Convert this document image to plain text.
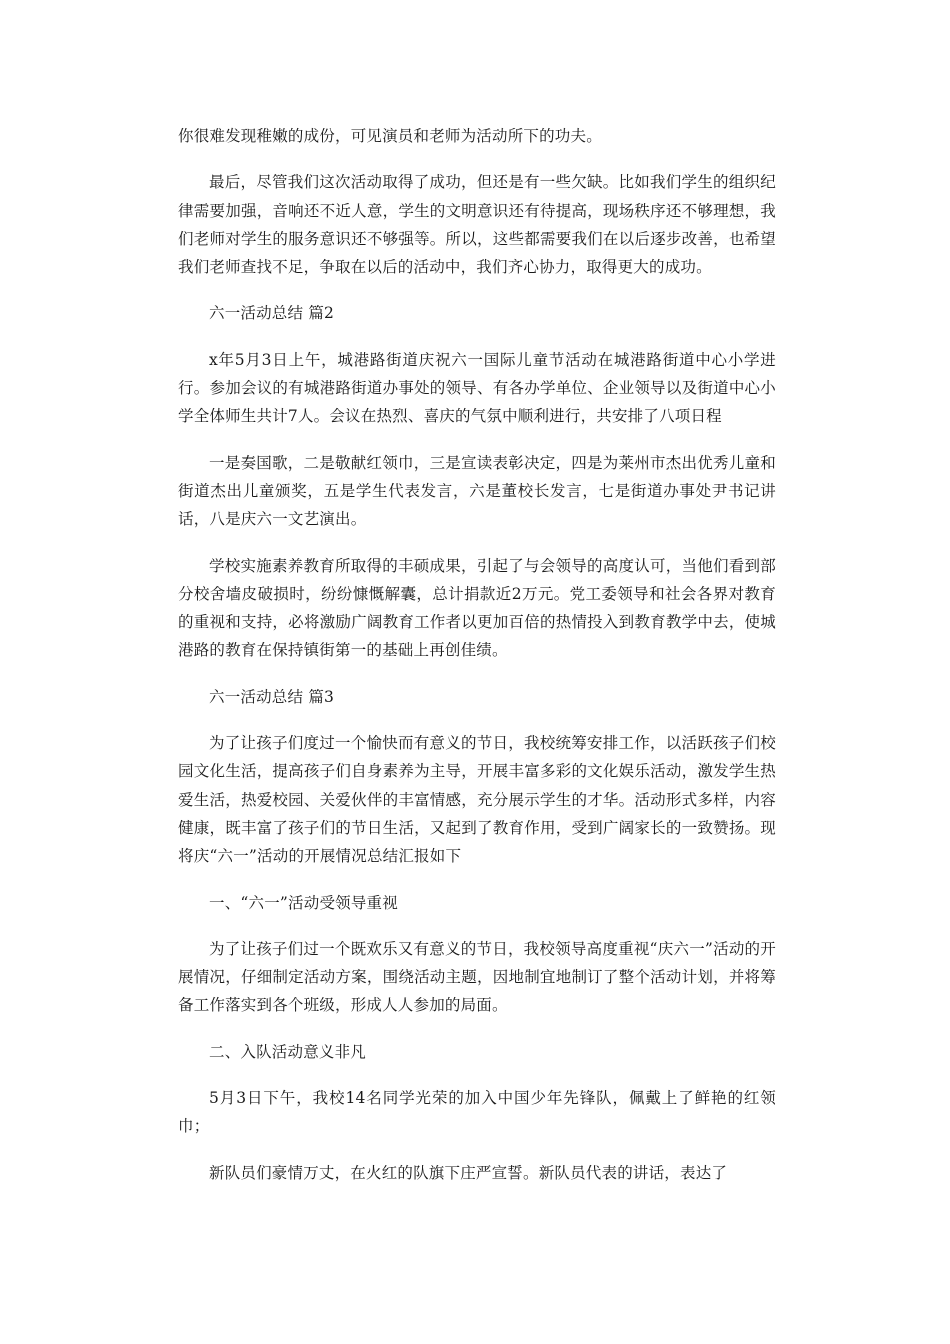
你很难发现稚嫩的成份，可见演员和老师为活动所下的功夫。

最后，尽管我们这次活动取得了成功，但还是有一些欠缺。比如我们学生的组织纪律需要加强，音响还不近人意，学生的文明意识还有待提高，现场秩序还不够理想，我们老师对学生的服务意识还不够强等。所以，这些都需要我们在以后逐步改善，也希望我们老师查找不足，争取在以后的活动中，我们齐心协力，取得更大的成功。

六一活动总结 篇2

x年5月3日上午，城港路街道庆祝六一国际儿童节活动在城港路街道中心小学进行。参加会议的有城港路街道办事处的领导、有各办学单位、企业领导以及街道中心小学全体师生共计7人。会议在热烈、喜庆的气氛中顺利进行，共安排了八项日程

一是奏国歌，二是敬献红领巾，三是宣读表彰决定，四是为莱州市杰出优秀儿童和街道杰出儿童颁奖，五是学生代表发言，六是董校长发言，七是街道办事处尹书记讲话，八是庆六一文艺演出。

学校实施素养教育所取得的丰硕成果，引起了与会领导的高度认可，当他们看到部分校舍墙皮破损时，纷纷慷慨解囊，总计捐款近2万元。党工委领导和社会各界对教育的重视和支持，必将激励广阔教育工作者以更加百倍的热情投入到教育教学中去，使城港路的教育在保持镇街第一的基础上再创佳绩。

六一活动总结 篇3

为了让孩子们度过一个愉快而有意义的节日，我校统筹安排工作，以活跃孩子们校园文化生活，提高孩子们自身素养为主导，开展丰富多彩的文化娱乐活动，激发学生热爱生活，热爱校园、关爱伙伴的丰富情感，充分展示学生的才华。活动形式多样，内容健康，既丰富了孩子们的节日生活，又起到了教育作用，受到广阔家长的一致赞扬。现将庆“六一”活动的开展情况总结汇报如下

一、“六一”活动受领导重视

为了让孩子们过一个既欢乐又有意义的节日，我校领导高度重视“庆六一”活动的开展情况，仔细制定活动方案，围绕活动主题，因地制宜地制订了整个活动计划，并将筹备工作落实到各个班级，形成人人参加的局面。

二、入队活动意义非凡

5月3日下午，我校14名同学光荣的加入中国少年先锋队，佩戴上了鲜艳的红领巾；

新队员们豪情万丈，在火红的队旗下庄严宣誓。新队员代表的讲话，表达了
